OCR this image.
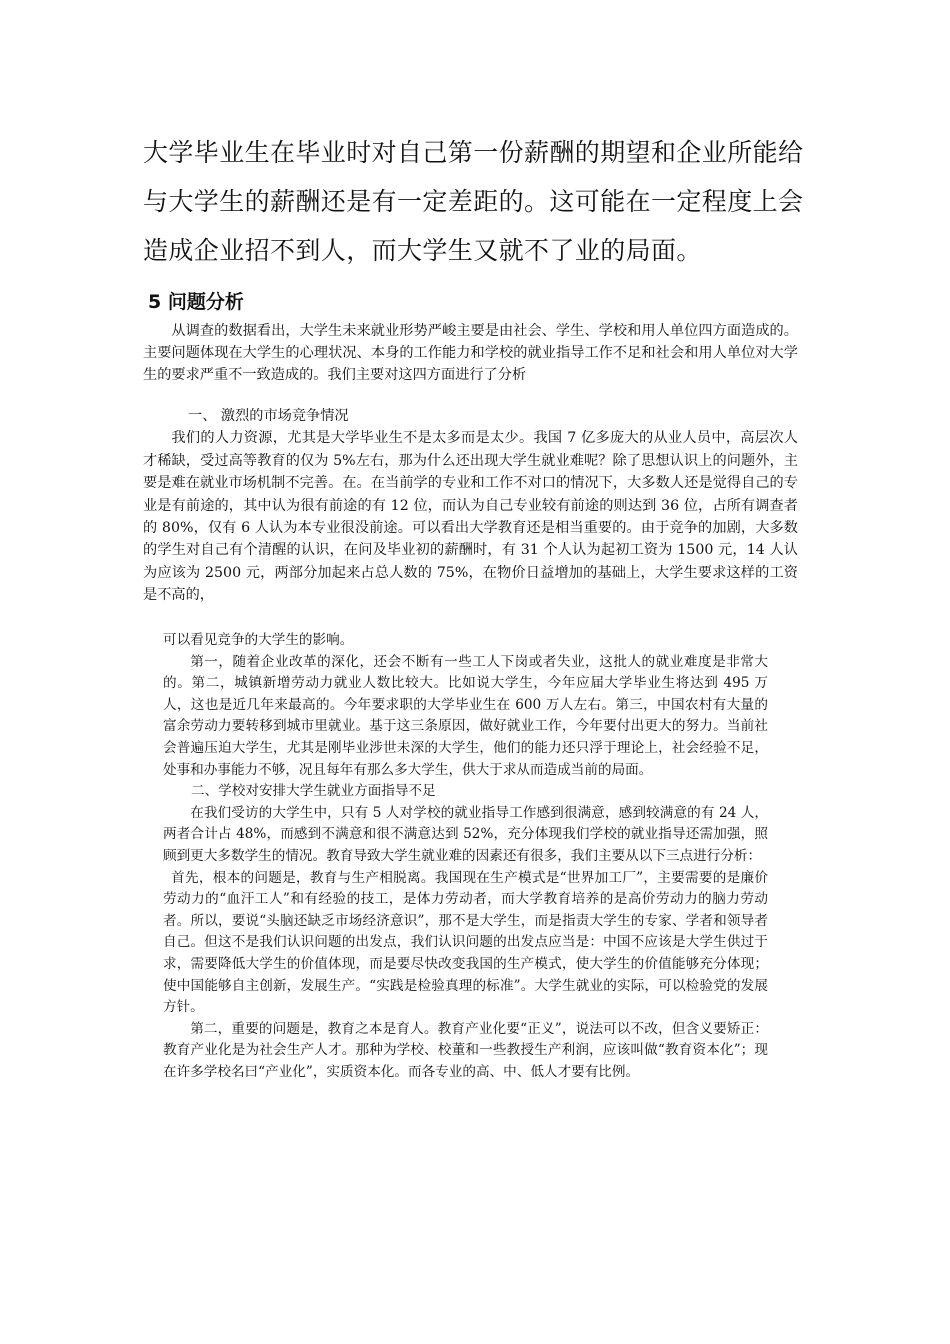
大学毕业生在毕业时对自己第一份薪酬的期望和企业所能给与大学生的薪酬还是有一定差距的。这可能在一定程度上会造成企业招不到人，而大学生又就不了业的局面。

5 问题分析

从调查的数据看出，大学生未来就业形势严峻主要是由社会、学生、学校和用人单位四方面造成的。主要问题体现在大学生的心理状况、本身的工作能力和学校的就业指导工作不足和社会和用人单位对大学生的要求严重不一致造成的。我们主要对这四方面进行了分析

一、 激烈的市场竞争情况

我们的人力资源，尤其是大学毕业生不是太多而是太少。我国 7 亿多庞大的从业人员中，高层次人才稀缺，受过高等教育的仅为 5%左右，那为什么还出现大学生就业难呢？除了思想认识上的问题外，主要是难在就业市场机制不完善。在。在当前学的专业和工作不对口的情况下，大多数人还是觉得自己的专业是有前途的，其中认为很有前途的有 12 位，而认为自己专业较有前途的则达到 36 位，占所有调查者的 80%，仅有 6 人认为本专业很没前途。可以看出大学教育还是相当重要的。由于竞争的加剧，大多数的学生对自己有个清醒的认识，在问及毕业初的薪酬时，有 31 个人认为起初工资为 1500 元，14 人认为应该为 2500 元，两部分加起来占总人数的 75%，在物价日益增加的基础上，大学生要求这样的工资是不高的，

可以看见竞争的大学生的影响。

第一，随着企业改革的深化，还会不断有一些工人下岗或者失业，这批人的就业难度是非常大的。第二，城镇新增劳动力就业人数比较大。比如说大学生，今年应届大学毕业生将达到 495 万人，这也是近几年来最高的。今年要求职的大学毕业生在 600 万人左右。第三，中国农村有大量的富余劳动力要转移到城市里就业。基于这三条原因，做好就业工作，今年要付出更大的努力。当前社会普遍压迫大学生，尤其是刚毕业涉世未深的大学生，他们的能力还只浮于理论上，社会经验不足，处事和办事能力不够，况且每年有那么多大学生，供大于求从而造成当前的局面。

二、学校对安排大学生就业方面指导不足

在我们受访的大学生中，只有 5 人对学校的就业指导工作感到很满意，感到较满意的有 24 人，两者合计占 48%，而感到不满意和很不满意达到 52%，充分体现我们学校的就业指导还需加强，照顾到更大多数学生的情况。教育导致大学生就业难的因素还有很多，我们主要从以下三点进行分析：

首先，根本的问题是，教育与生产相脱离。我国现在生产模式是“世界加工厂”，主要需要的是廉价劳动力的“血汗工人”和有经验的技工，是体力劳动者，而大学教育培养的是高价劳动力的脑力劳动者。所以，要说“头脑还缺乏市场经济意识”，那不是大学生，而是指责大学生的专家、学者和领导者自己。但这不是我们认识问题的出发点，我们认识问题的出发点应当是：中国不应该是大学生供过于求，需要降低大学生的价值体现，而是要尽快改变我国的生产模式，使大学生的价值能够充分体现；使中国能够自主创新，发展生产。“实践是检验真理的标准”。大学生就业的实际，可以检验党的发展方针。

第二，重要的问题是，教育之本是育人。教育产业化要“正义”，说法可以不改，但含义要矫正：教育产业化是为社会生产人才。那种为学校、校董和一些教授生产利润，应该叫做“教育资本化”；现在许多学校名曰“产业化”，实质资本化。而各专业的高、中、低人才要有比例。
